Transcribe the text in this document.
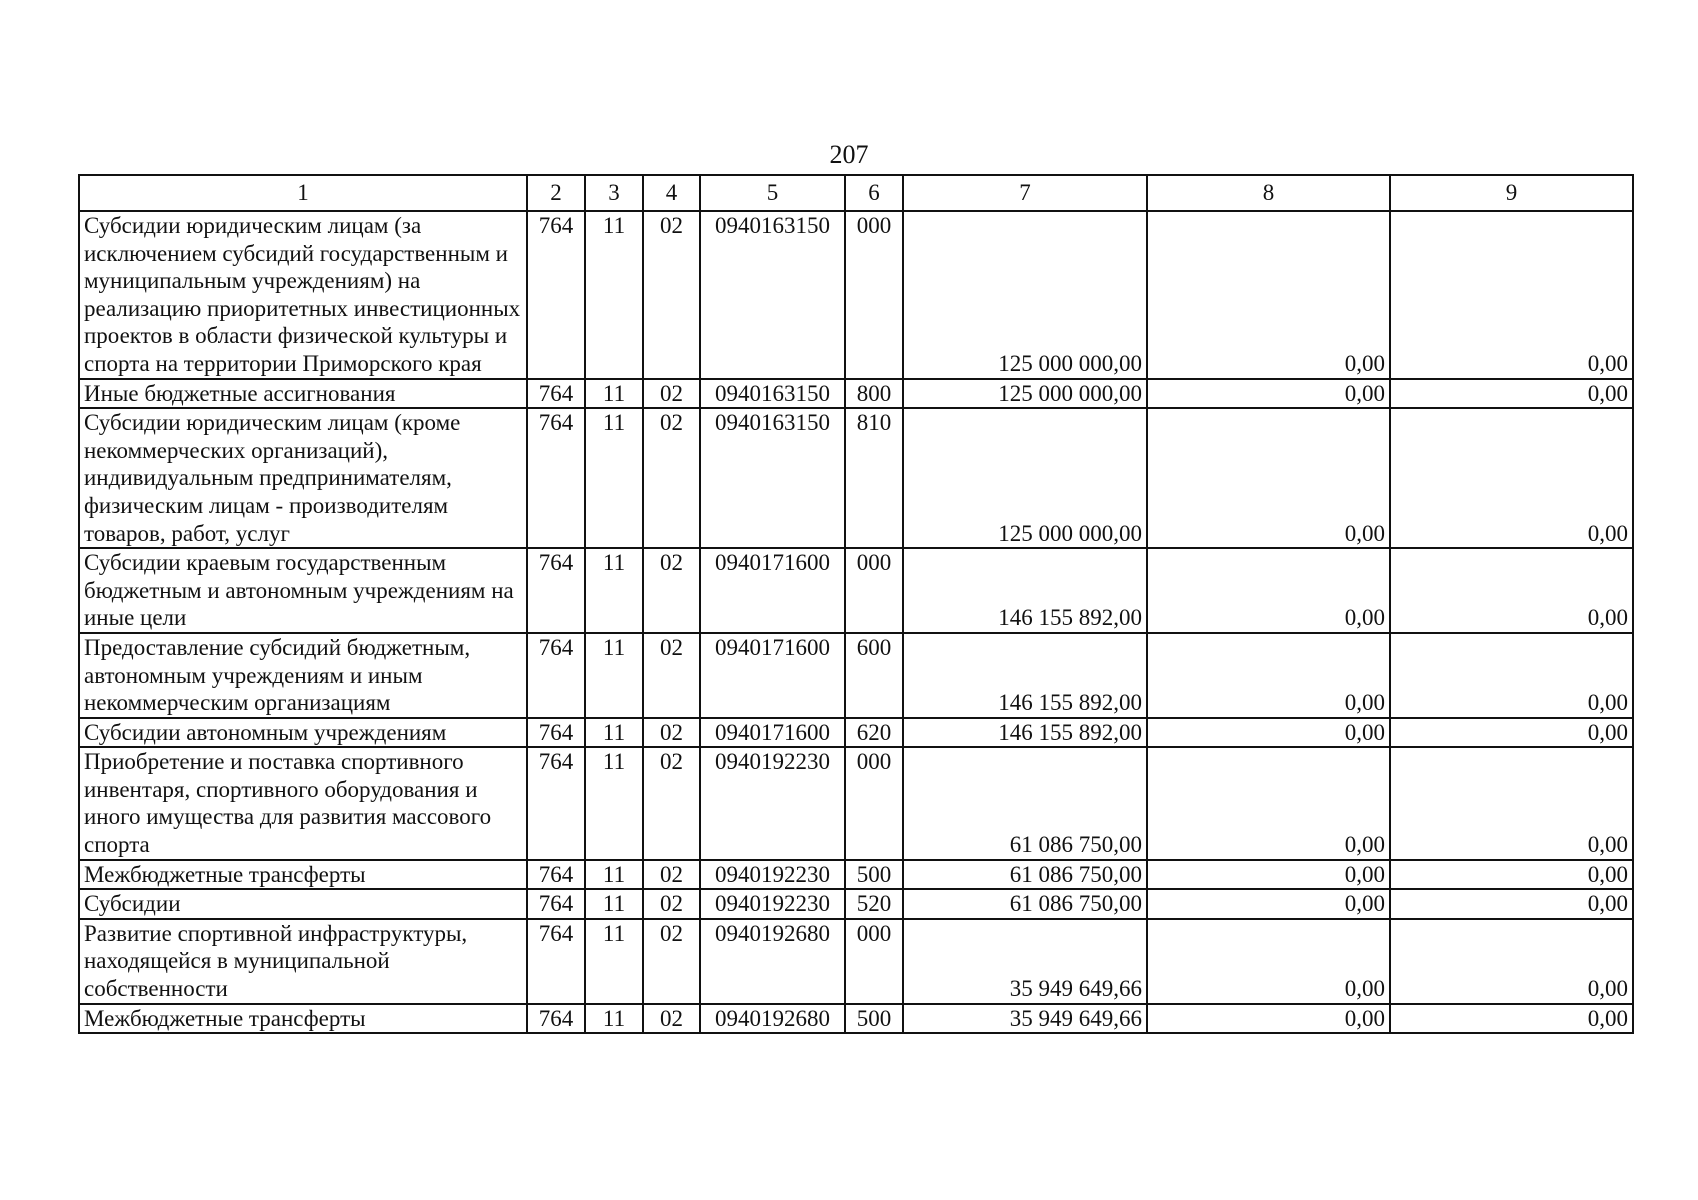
207
1	2	3	4	5	6	7	8	9
Субсидии юридическим лицам (за исключением субсидий государственным и муниципальным учреждениям) на реализацию приоритетных инвестиционных проектов в области физической культуры и спорта на территории Приморского края	764	11	02	0940163150	000	125 000 000,00	0,00	0,00
Иные бюджетные ассигнования	764	11	02	0940163150	800	125 000 000,00	0,00	0,00
Субсидии юридическим лицам (кроме некоммерческих организаций), индивидуальным предпринимателям, физическим лицам - производителям товаров, работ, услуг	764	11	02	0940163150	810	125 000 000,00	0,00	0,00
Субсидии краевым государственным бюджетным и автономным учреждениям на иные цели	764	11	02	0940171600	000	146 155 892,00	0,00	0,00
Предоставление субсидий бюджетным, автономным учреждениям и иным некоммерческим организациям	764	11	02	0940171600	600	146 155 892,00	0,00	0,00
Субсидии автономным учреждениям	764	11	02	0940171600	620	146 155 892,00	0,00	0,00
Приобретение и поставка спортивного инвентаря, спортивного оборудования и иного имущества для развития массового спорта	764	11	02	0940192230	000	61 086 750,00	0,00	0,00
Межбюджетные трансферты	764	11	02	0940192230	500	61 086 750,00	0,00	0,00
Субсидии	764	11	02	0940192230	520	61 086 750,00	0,00	0,00
Развитие спортивной инфраструктуры, находящейся в муниципальной собственности	764	11	02	0940192680	000	35 949 649,66	0,00	0,00
Межбюджетные трансферты	764	11	02	0940192680	500	35 949 649,66	0,00	0,00
